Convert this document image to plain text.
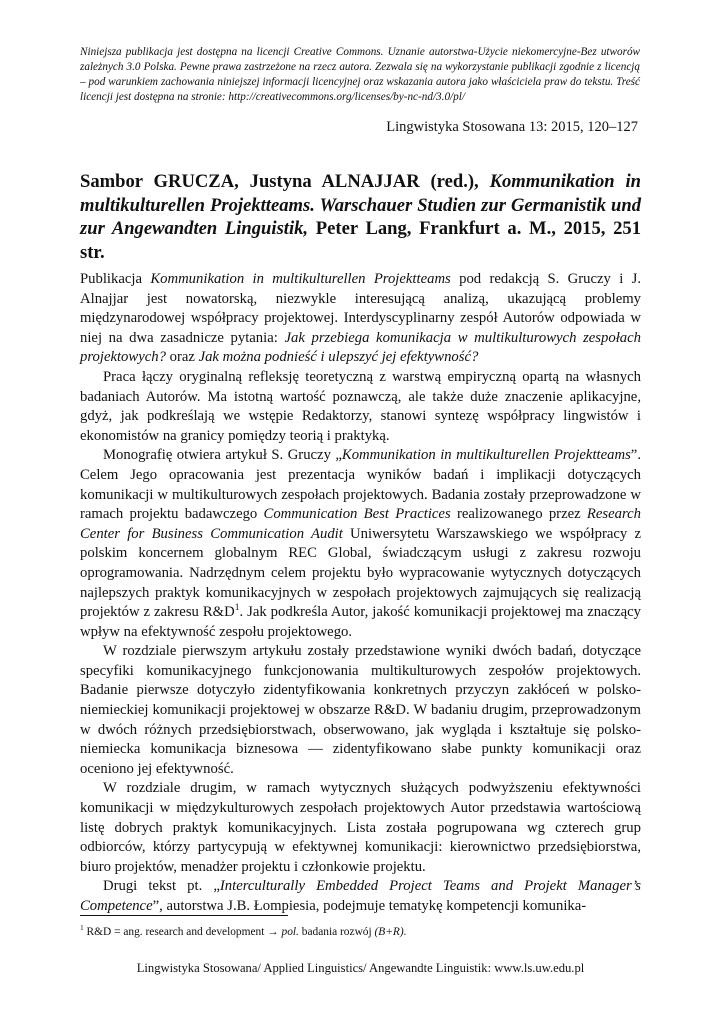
Niniejsza publikacja jest dostępna na licencji Creative Commons. Uznanie autorstwa-Użycie niekomercyjne-Bez utworów zależnych 3.0 Polska. Pewne prawa zastrzeżone na rzecz autora. Zezwala się na wykorzystanie publikacji zgodnie z licencją – pod warunkiem zachowania niniejszej informacji licencyjnej oraz wskazania autora jako właściciela praw do tekstu. Treść licencji jest dostępna na stronie: http://creativecommons.org/licenses/by-nc-nd/3.0/pl/
Lingwistyka Stosowana 13: 2015, 120–127
Sambor GRUCZA, Justyna ALNAJJAR (red.), Kommunikation in multikulturellen Projektteams. Warschauer Studien zur Germanistik und zur Angewandten Linguistik, Peter Lang, Frankfurt a. M., 2015, 251 str.

Publikacja Kommunikation in multikulturellen Projektteams pod redakcją S. Gruczy i J. Alnajjar jest nowatorską, niezwykle interesującą analizą, ukazującą problemy międzynarodowej współpracy projektowej. Interdyscyplinarny zespół Autorów odpowiada w niej na dwa zasadnicze pytania: Jak przebiega komunikacja w multikulturowych zespołach projektowych? oraz Jak można podnieść i ulepszyć jej efektywność?

Praca łączy oryginalną refleksję teoretyczną z warstwą empiryczną opartą na własnych badaniach Autorów. Ma istotną wartość poznawczą, ale także duże znaczenie aplikacyjne, gdyż, jak podkreślają we wstępie Redaktorzy, stanowi syntezę współpracy lingwistów i ekonomistów na granicy pomiędzy teorią i praktyką.

Monografię otwiera artykuł S. Gruczy „Kommunikation in multikulturellen Projektteams”. Celem Jego opracowania jest prezentacja wyników badań i implikacji dotyczących komunikacji w multikulturowych zespołach projektowych. Badania zostały przeprowadzone w ramach projektu badawczego Communication Best Practices realizowanego przez Research Center for Business Communication Audit Uniwersytetu Warszawskiego we współpracy z polskim koncernem globalnym REC Global, świadczącym usługi z zakresu rozwoju oprogramowania. Nadrzędnym celem projektu było wypracowanie wytycznych dotyczących najlepszych praktyk komunikacyjnych w zespołach projektowych zajmujących się realizacją projektów z zakresu $R\&D^1$. Jak podkreśla Autor, jakość komunikacji projektowej ma znaczący wpływ na efektywność zespołu projektowego.

W rozdziale pierwszym artykułu zostały przedstawione wyniki dwóch badań, dotyczące specyfiki komunikacyjnego funkcjonowania multikulturowych zespołów projektowych. Badanie pierwsze dotyczyło zidentyfikowania konkretnych przyczyn zakłóceń w polsko-niemieckiej komunikacji projektowej w obszarze R&D. W badaniu drugim, przeprowadzonym w dwóch różnych przedsiębiorstwach, obserwowano, jak wygląda i kształtuje się polsko-niemiecka komunikacja biznesowa — zidentyfikowano słabe punkty komunikacji oraz oceniono jej efektywność.

W rozdziale drugim, w ramach wytycznych służących podwyższeniu efektywności komunikacji w międzykulturowych zespołach projektowych Autor przedstawia wartościową listę dobrych praktyk komunikacyjnych. Lista została pogrupowana wg czterech grup odbiorców, którzy partycypują w efektywnej komunikacji: kierownictwo przedsiębiorstwa, biuro projektów, menadżer projektu i członkowie projektu.

Drugi tekst pt. „Interculturally Embedded Project Teams and Projekt Manager’s Competence”, autorstwa J.B. Łompiesia, podejmuje tematykę kompetencji komunika-

$^1$ R&D = ang. research and development → pol. badania rozwój (B+R).
Lingwistyka Stosowana/ Applied Linguistics/ Angewandte Linguistik: www.ls.uw.edu.pl
